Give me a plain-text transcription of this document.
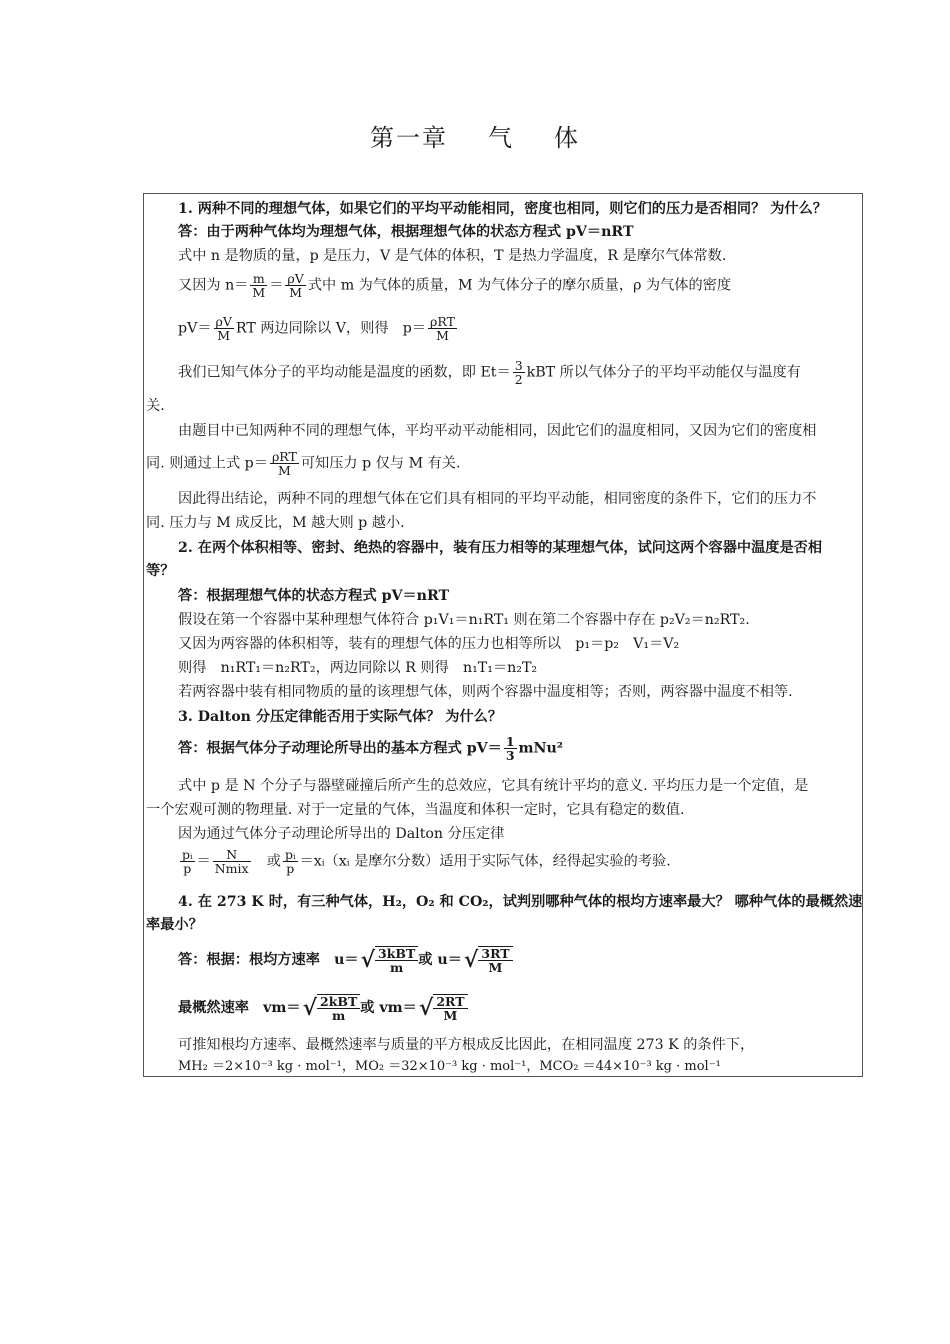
第一章 气 体
1. 两种不同的理想气体，如果它们的平均平动能相同，密度也相同，则它们的压力是否相同？ 为什么？
答：由于两种气体均为理想气体，根据理想气体的状态方程式 pV＝nRT
式中 n 是物质的量，p 是压力，V 是气体的体积，T 是热力学温度，R 是摩尔气体常数.
又因为 $n= \frac{m}{M} = \frac{\rho V}{M}$ 式中 m 为气体的质量，M 为气体分子的摩尔质量，ρ 为气体的密度
$pV= \frac{\rho V}{M}$ RT 两边同除以 V，则得　$p= \frac{\text{ρRT}}{M}$
我们已知气体分子的平均动能是温度的函数，即 $Et= \frac{3}{2}$ kBT 所以气体分子的平均平动能仅与温度有
关.
由题目中已知两种不同的理想气体，平均平动平动能相同，因此它们的温度相同，又因为它们的密度相
同. 则通过上式 $p= \frac{\text{ρRT}}{M}$ 可知压力 p 仅与 M 有关.
因此得出结论，两种不同的理想气体在它们具有相同的平均平动能，相同密度的条件下，它们的压力不
同. 压力与 M 成反比，M 越大则 p 越小.
2. 在两个体积相等、密封、绝热的容器中，装有压力相等的某理想气体，试问这两个容器中温度是否相
等？
答：根据理想气体的状态方程式 pV＝nRT
假设在第一个容器中某种理想气体符合 p₁V₁＝n₁RT₁ 则在第二个容器中存在 p₂V₂＝n₂RT₂.
又因为两容器的体积相等，装有的理想气体的压力也相等所以　p₁＝p₂　V₁＝V₂
则得　n₁RT₁＝n₂RT₂，两边同除以 R 则得　n₁T₁＝n₂T₂
若两容器中装有相同物质的量的该理想气体，则两个容器中温度相等；否则，两容器中温度不相等.
3. Dalton 分压定律能否用于实际气体？ 为什么？
答：根据气体分子动理论所导出的基本方程式 $pV= \frac{1}{3} mNu^2$
式中 p 是 N 个分子与器壁碰撞后所产生的总效应，它具有统计平均的意义. 平均压力是一个定值，是
一个宏观可测的物理量. 对于一定量的气体，当温度和体积一定时，它具有稳定的数值.
因为通过气体分子动理论所导出的 Dalton 分压定律
$\frac{\text{pᵢ}}{p} = \frac{N}{\text{Nmix}}$ 　或 $\frac{\text{pᵢ}}{p}$ ＝xᵢ（xᵢ 是摩尔分数）适用于实际气体，经得起实验的考验.
4. 在 273 K 时，有三种气体，H₂，O₂ 和 CO₂，试判别哪种气体的根均方速率最大？ 哪种气体的最概然速
率最小？
答：根据：根均方速率　u＝√ 3kBT
m	或 $u=√ \frac{3RT}{M}$
最概然速率　vm＝√ 2kBT
m	或 $vm=√ \frac{2RT}{M}$
可推知根均方速率、最概然速率与质量的平方根成反比因此，在相同温度 273 K 的条件下，
MH₂ ＝2×10⁻³ kg · mol⁻¹，MO₂ ＝32×10⁻³ kg · mol⁻¹，MCO₂ ＝44×10⁻³ kg · mol⁻¹
